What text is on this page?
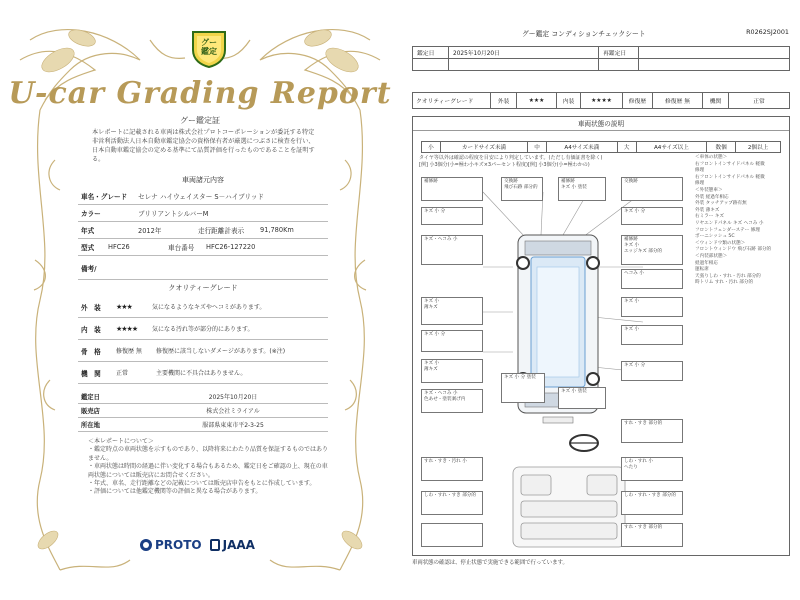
グー
鑑定
U-car Grading Report
グー鑑定証
本レポートに記載される車両は株式会社プロトコーポレーションが委託する特定非営利活動法人日本自動車鑑定協会の資格保有者が厳選につぶさに検査を行い、日本自動車鑑定協会の定める基準にて品質評価を行ったものであることを証明する。
車両諸元内容
車名・グレード	セレナ ハイウェイスター S－ハイブリッド
カラー	ブリリアントシルバーM
年式	2012年	走行距離計表示	91,780Km
型式	HFC26	車台番号	HFC26-127220
備考/
クオリティーグレード
外　装	★★★	気になるようなキズやヘコミがあります。
内　装	★★★★	気になる汚れ等が部分的にあります。
骨　格	修復歴 無	修復歴に該当しないダメージがあります。(※注)
機　関	正常	主要機関に不具合はありません。
鑑定日	2025年10月20日
販売店	株式会社ミライアル
所在地	服部県東東市平2-3-25
＜本レポートについて＞
・鑑定時点の車両状態を示すものであり、以降将来にわたり品質を保証するものではありません。
・車両状態は時間の経過に伴い変化する場合もあるため、鑑定日をご確認の上、現在の車両状態については販売店にお問合せください。
・年式、車名、走行距離などの記載については販売店申告をもとに作成しています。
・評価については他鑑定機関等の評価と異なる場合があります。
PROTO JAAA
グー鑑定 コンディションチェックシート	R0262SJ2001
鑑定日	2025年10月20日	再鑑定日	

クオリティーグレード	外装	★★★	内装	★★★★	修復歴	修復歴 無	機関	正常
車両状態の説明
小	カードサイズ未満	中	A4サイズ未満	大	A4サイズ以上	数個	2個以上
タイヤ等以外は確認の程度を目安により判定しています。(ただし有価証書を除く)
[例] 小3個分(小=極わ小キズ×3パーセント程度)[例] 小3個分(小=極わかの)
＜車体の状態＞
右フロントインサイドパネル 軽微
修理
右フロントインサイドパネル 軽微
修理
＜外装態車＞
外装 経過年相応
外装 タッチアップ跡有無
外装 薄キズ
右ミラー キズ
リヤエンドパネル キズ ヘコみ 小
フロントフェンダーステー 修理
ボーニシッシュ 5C
＜ウィンドウ類の状態＞
フロントウィンドウ 飛び石跡 部分的
＜内装部状態＞
経過年相応
運転席
天張りしわ・すれ・汚れ 部分的
時トリム すれ・汚れ 部分的
補修跡	交換跡
飛び石跡 部分的
補修跡
キズ 小 塗装
交換跡
キズ 小 分	キズ 小 分
キズ・ヘコみ 小	補修跡
キズ 小
エッジキズ 部分的
ヘコみ 小
キズ 小
キズ 小
薄キズ
キズ 小
キズ 小 分
キズ 小 分
キズ 小
薄キズ
キズ 小 分 塗装
キズ 小 塗装
キズ・ヘコみ 小
色あせ・塗装剥げ内
すれ・すき 部分的
すれ・すき・汚れ 小	しわ・すれ 小
へたり
しわ・すれ・すき 部分的	しわ・すれ・すき 部分的
すれ・すき 部分的
車両状態の確認は、停止状態で実施できる範囲で行っています。
